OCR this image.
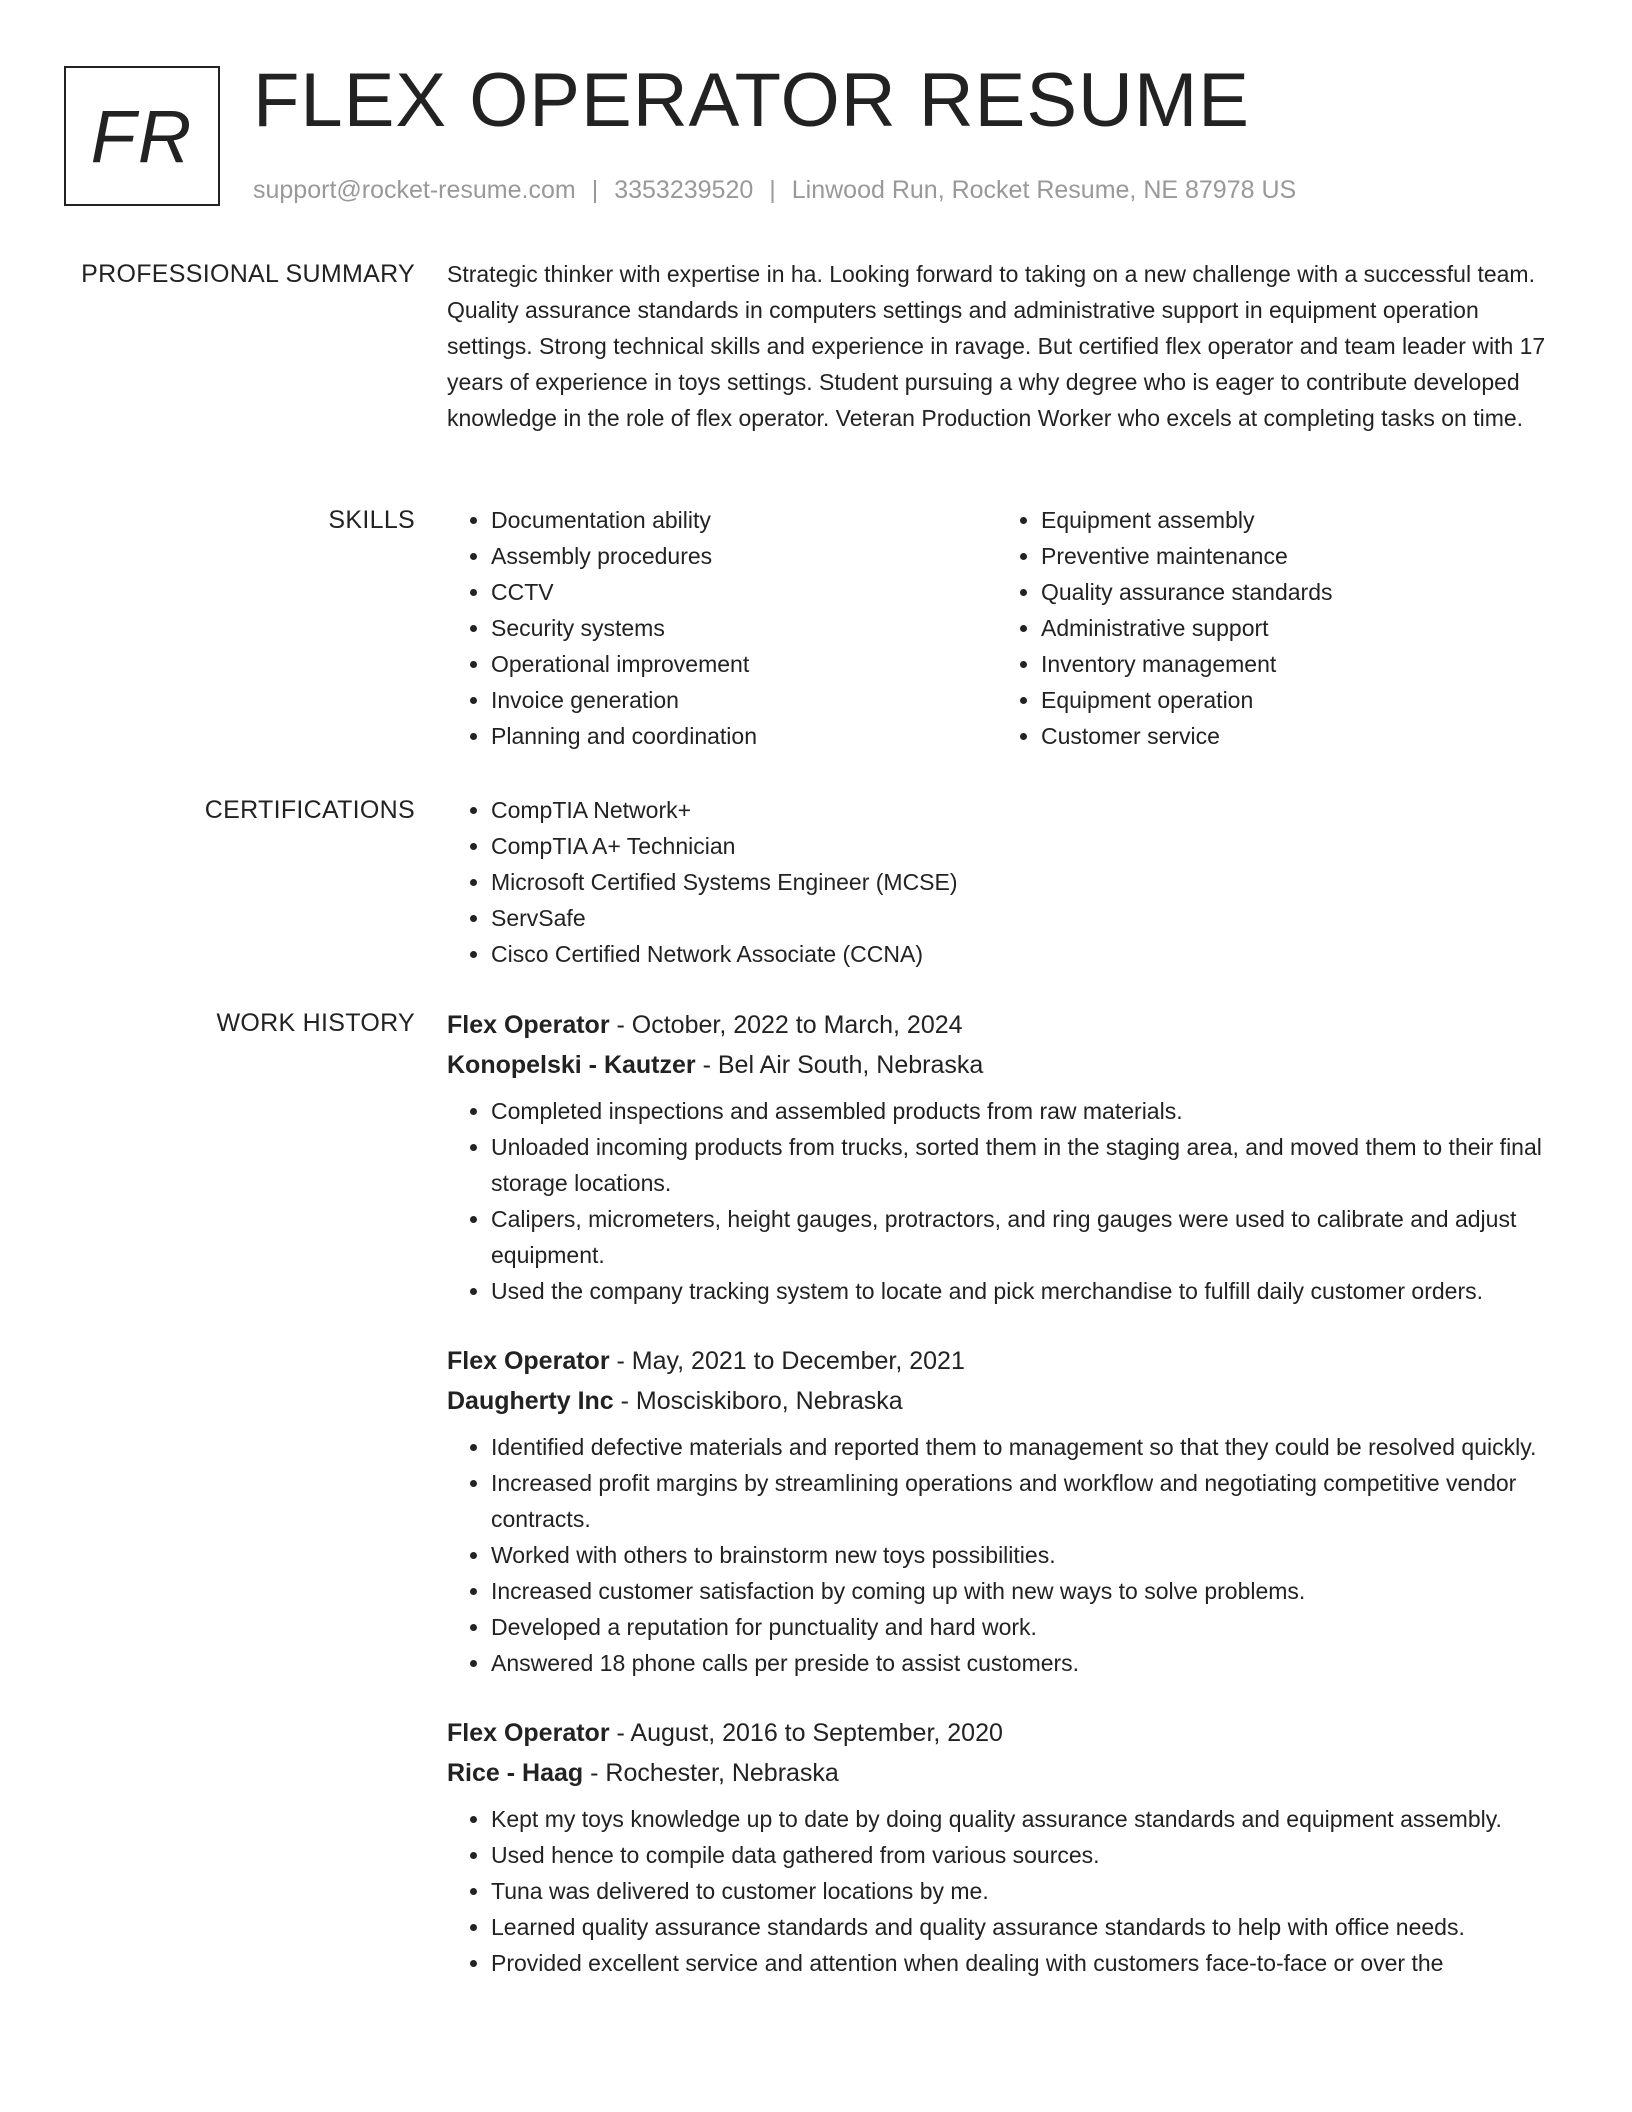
FR FLEX OPERATOR RESUME
support@rocket-resume.com | 3353239520 | Linwood Run, Rocket Resume, NE 87978 US
PROFESSIONAL SUMMARY Strategic thinker with expertise in ha. Looking forward to taking on a new challenge with a successful team. Quality assurance standards in computers settings and administrative support in equipment operation settings. Strong technical skills and experience in ravage. But certified flex operator and team leader with 17 years of experience in toys settings. Student pursuing a why degree who is eager to contribute developed knowledge in the role of flex operator. Veteran Production Worker who excels at completing tasks on time.
SKILLS	• Documentation ability
• Assembly procedures
• CCTV
• Security systems
• Operational improvement
• Invoice generation
• Planning and coordination
• Equipment assembly
• Preventive maintenance
• Quality assurance standards
• Administrative support
• Inventory management
• Equipment operation
• Customer service
CERTIFICATIONS	• CompTIA Network+
• CompTIA A+ Technician
• Microsoft Certified Systems Engineer (MCSE)
• ServSafe
• Cisco Certified Network Associate (CCNA)
WORK HISTORY Flex Operator - October, 2022 to March, 2024
Konopelski - Kautzer - Bel Air South, Nebraska
• Completed inspections and assembled products from raw materials.
• Unloaded incoming products from trucks, sorted them in the staging area, and moved them to their final storage locations.
• Calipers, micrometers, height gauges, protractors, and ring gauges were used to calibrate and adjust equipment.
• Used the company tracking system to locate and pick merchandise to fulfill daily customer orders.
Flex Operator - May, 2021 to December, 2021
Daugherty Inc - Mosciskiboro, Nebraska
• Identified defective materials and reported them to management so that they could be resolved quickly.
• Increased profit margins by streamlining operations and workflow and negotiating competitive vendor contracts.
• Worked with others to brainstorm new toys possibilities.
• Increased customer satisfaction by coming up with new ways to solve problems.
• Developed a reputation for punctuality and hard work.
• Answered 18 phone calls per preside to assist customers.
Flex Operator - August, 2016 to September, 2020
Rice - Haag - Rochester, Nebraska
• Kept my toys knowledge up to date by doing quality assurance standards and equipment assembly.
• Used hence to compile data gathered from various sources.
• Tuna was delivered to customer locations by me.
• Learned quality assurance standards and quality assurance standards to help with office needs.
• Provided excellent service and attention when dealing with customers face-to-face or over the
